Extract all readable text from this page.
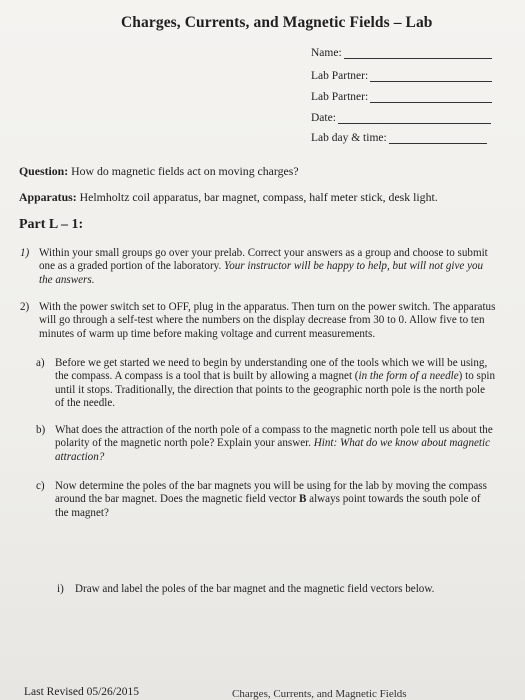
Charges, Currents, and Magnetic Fields – Lab
Name:
Lab Partner:
Lab Partner:
Date:
Lab day & time:
Question: How do magnetic fields act on moving charges?
Apparatus: Helmholtz coil apparatus, bar magnet, compass, half meter stick, desk light.
Part L – 1:
1) Within your small groups go over your prelab. Correct your answers as a group and choose to submit one as a graded portion of the laboratory. Your instructor will be happy to help, but will not give you the answers.
2) With the power switch set to OFF, plug in the apparatus. Then turn on the power switch. The apparatus will go through a self-test where the numbers on the display decrease from 30 to 0. Allow five to ten minutes of warm up time before making voltage and current measurements.
a) Before we get started we need to begin by understanding one of the tools which we will be using, the compass. A compass is a tool that is built by allowing a magnet (in the form of a needle) to spin until it stops. Traditionally, the direction that points to the geographic north pole is the north pole of the needle.
b) What does the attraction of the north pole of a compass to the magnetic north pole tell us about the polarity of the magnetic north pole? Explain your answer. Hint: What do we know about magnetic attraction?
c) Now determine the poles of the bar magnets you will be using for the lab by moving the compass around the bar magnet. Does the magnetic field vector B always point towards the south pole of the magnet?
i) Draw and label the poles of the bar magnet and the magnetic field vectors below.
Last Revised 05/26/2015	Charges, Currents, and Magnetic Fields
